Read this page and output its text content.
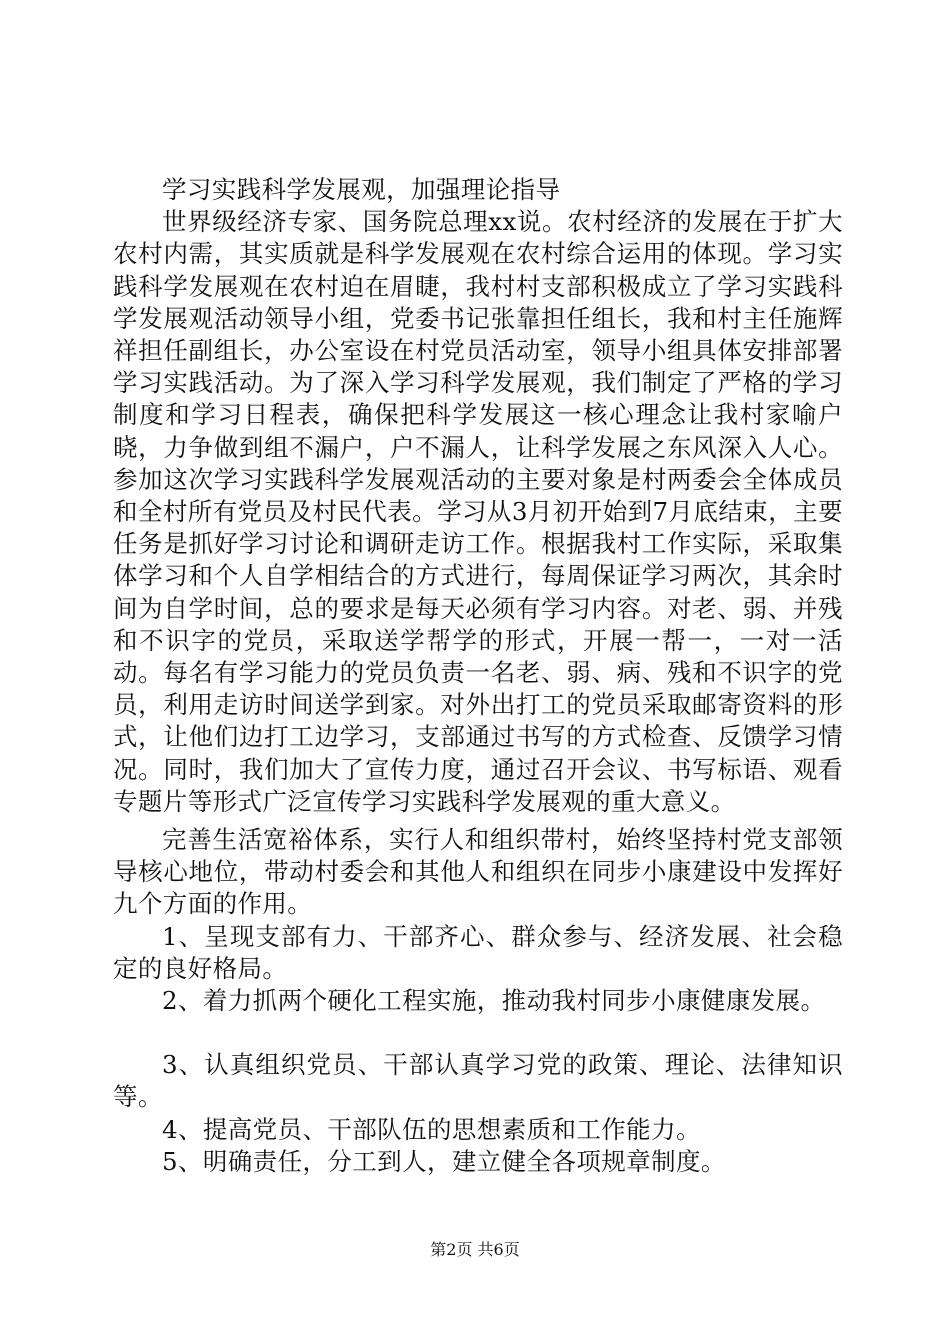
学习实践科学发展观，加强理论指导

世界级经济专家、国务院总理xx说。农村经济的发展在于扩大农村内需，其实质就是科学发展观在农村综合运用的体现。学习实践科学发展观在农村迫在眉睫，我村村支部积极成立了学习实践科学发展观活动领导小组，党委书记张靠担任组长，我和村主任施辉祥担任副组长，办公室设在村党员活动室，领导小组具体安排部署学习实践活动。为了深入学习科学发展观，我们制定了严格的学习制度和学习日程表，确保把科学发展这一核心理念让我村家喻户晓，力争做到组不漏户，户不漏人，让科学发展之东风深入人心。参加这次学习实践科学发展观活动的主要对象是村两委会全体成员和全村所有党员及村民代表。学习从3月初开始到7月底结束，主要任务是抓好学习讨论和调研走访工作。根据我村工作实际，采取集体学习和个人自学相结合的方式进行，每周保证学习两次，其余时间为自学时间，总的要求是每天必须有学习内容。对老、弱、并残和不识字的党员，采取送学帮学的形式，开展一帮一，一对一活动。每名有学习能力的党员负责一名老、弱、病、残和不识字的党员，利用走访时间送学到家。对外出打工的党员采取邮寄资料的形式，让他们边打工边学习，支部通过书写的方式检查、反馈学习情况。同时，我们加大了宣传力度，通过召开会议、书写标语、观看专题片等形式广泛宣传学习实践科学发展观的重大意义。

完善生活宽裕体系，实行人和组织带村，始终坚持村党支部领导核心地位，带动村委会和其他人和组织在同步小康建设中发挥好九个方面的作用。

1、呈现支部有力、干部齐心、群众参与、经济发展、社会稳定的良好格局。

2、着力抓两个硬化工程实施，推动我村同步小康健康发展。

3、认真组织党员、干部认真学习党的政策、理论、法律知识等。

4、提高党员、干部队伍的思想素质和工作能力。

5、明确责任，分工到人，建立健全各项规章制度。

第2页 共6页
